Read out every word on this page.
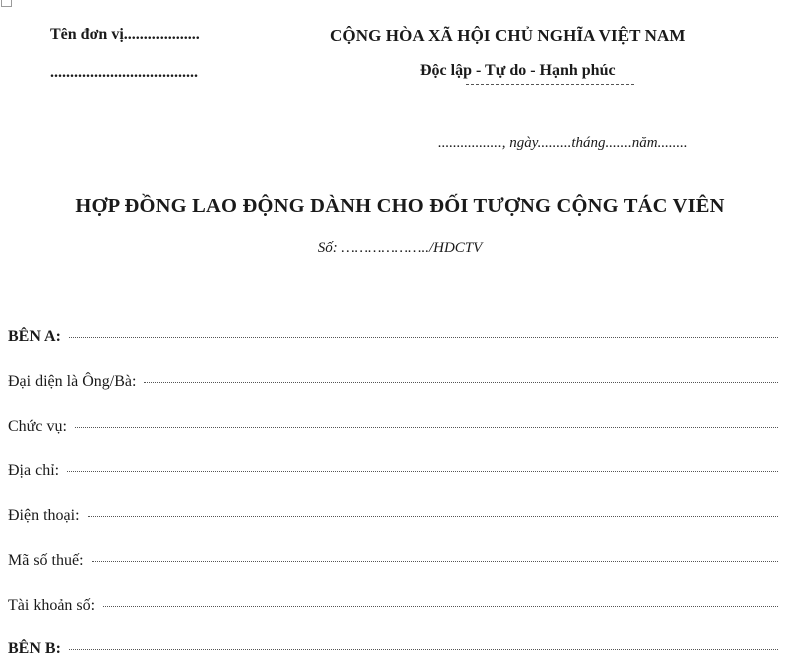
Tên đơn vị...................
.....................................
CỘNG HÒA XÃ HỘI CHỦ NGHĨA VIỆT NAM
Độc lập - Tự do - Hạnh phúc
................., ngày.........tháng.......năm........
HỢP ĐỒNG LAO ĐỘNG DÀNH CHO ĐỐI TƯỢNG CỘNG TÁC VIÊN
Số: ………………../HDCTV
BÊN A:
Đại diện là Ông/Bà:
Chức vụ:
Địa chỉ:
Điện thoại:
Mã số thuế:
Tài khoản số:
BÊN B:
